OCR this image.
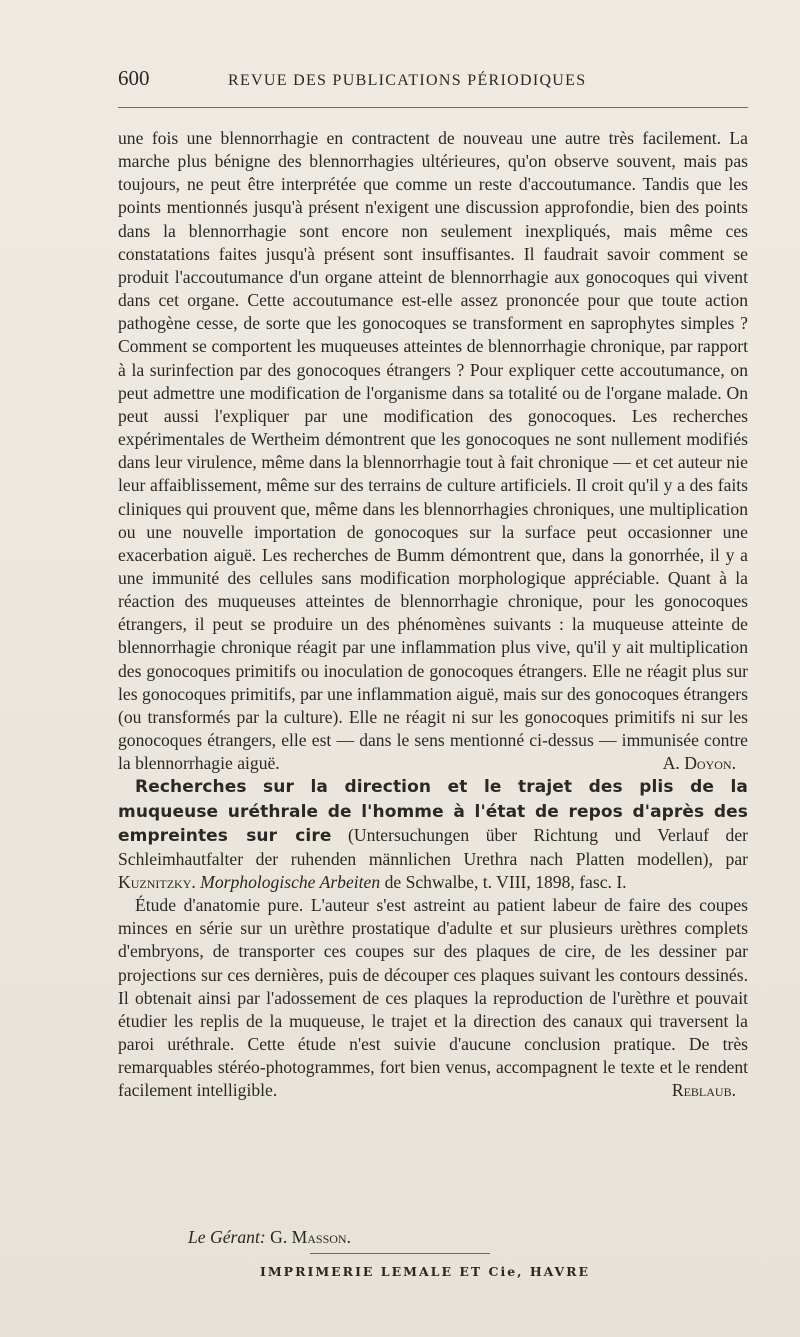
600	REVUE DES PUBLICATIONS PÉRIODIQUES

une fois une blennorrhagie en contractent de nouveau une autre très facilement. La marche plus bénigne des blennorrhagies ultérieures, qu'on observe souvent, mais pas toujours, ne peut être interprétée que comme un reste d'accoutumance. Tandis que les points mentionnés jusqu'à présent n'exigent une discussion approfondie, bien des points dans la blennorrhagie sont encore non seulement inexpliqués, mais même ces constatations faites jusqu'à présent sont insuffisantes. Il faudrait savoir comment se produit l'accoutumance d'un organe atteint de blennorrhagie aux gonocoques qui vivent dans cet organe. Cette accoutumance est-elle assez prononcée pour que toute action pathogène cesse, de sorte que les gonocoques se transforment en saprophytes simples ? Comment se comportent les muqueuses atteintes de blennorrhagie chronique, par rapport à la surinfection par des gonocoques étrangers ? Pour expliquer cette accoutumance, on peut admettre une modification de l'organisme dans sa totalité ou de l'organe malade. On peut aussi l'expliquer par une modification des gonocoques. Les recherches expérimentales de Wertheim démontrent que les gonocoques ne sont nullement modifiés dans leur virulence, même dans la blennorrhagie tout à fait chronique — et cet auteur nie leur affaiblissement, même sur des terrains de culture artificiels. Il croit qu'il y a des faits cliniques qui prouvent que, même dans les blennorrhagies chroniques, une multiplication ou une nouvelle importation de gonocoques sur la surface peut occasionner une exacerbation aiguë. Les recherches de Bumm démontrent que, dans la gonorrhée, il y a une immunité des cellules sans modification morphologique appréciable. Quant à la réaction des muqueuses atteintes de blennorrhagie chronique, pour les gonocoques étrangers, il peut se produire un des phénomènes suivants : la muqueuse atteinte de blennorrhagie chronique réagit par une inflammation plus vive, qu'il y ait multiplication des gonocoques primitifs ou inoculation de gonocoques étrangers. Elle ne réagit plus sur les gonocoques primitifs, par une inflammation aiguë, mais sur des gonocoques étrangers (ou transformés par la culture). Elle ne réagit ni sur les gonocoques primitifs ni sur les gonocoques étrangers, elle est — dans le sens mentionné ci-dessus — immunisée contre la blennorrhagie aiguë.	A. Doyon.

Recherches sur la direction et le trajet des plis de la muqueuse uréthrale de l'homme à l'état de repos d'après des empreintes sur cire (Untersuchungen über Richtung und Verlauf der Schleimhautfalter der ruhenden männlichen Urethra nach Platten modellen), par Kuznitzky. Morphologische Arbeiten de Schwalbe, t. VIII, 1898, fasc. I.

Étude d'anatomie pure. L'auteur s'est astreint au patient labeur de faire des coupes minces en série sur un urèthre prostatique d'adulte et sur plusieurs urèthres complets d'embryons, de transporter ces coupes sur des plaques de cire, de les dessiner par projections sur ces dernières, puis de découper ces plaques suivant les contours dessinés. Il obtenait ainsi par l'adossement de ces plaques la reproduction de l'urèthre et pouvait étudier les replis de la muqueuse, le trajet et la direction des canaux qui traversent la paroi uréthrale. Cette étude n'est suivie d'aucune conclusion pratique. De très remarquables stéréo-photogrammes, fort bien venus, accompagnent le texte et le rendent facilement intelligible.	Reblaub.

Le Gérant: G. Masson.
IMPRIMERIE LEMALE ET Cie, HAVRE
